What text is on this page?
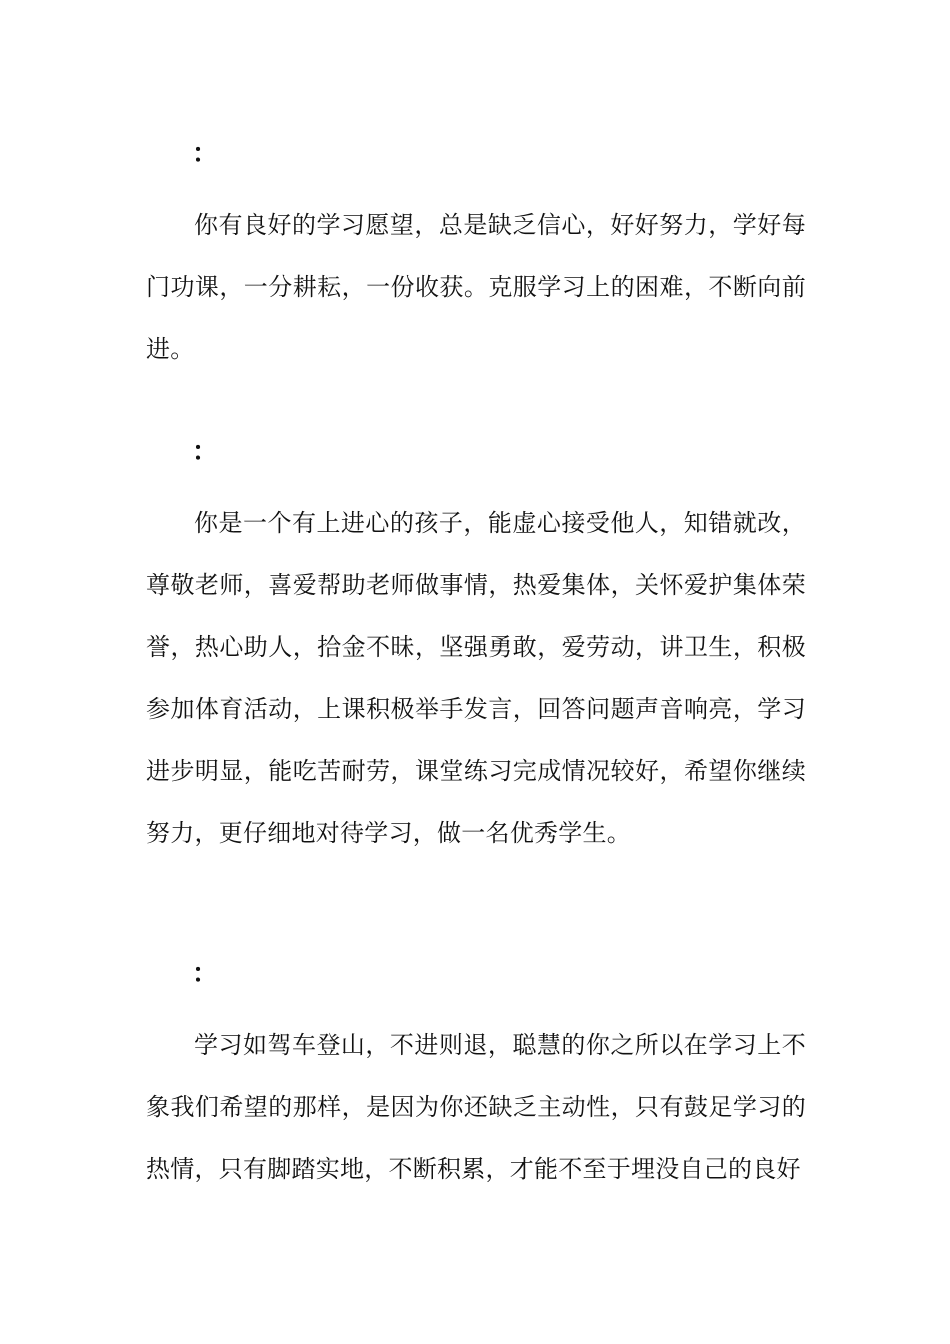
：

你有良好的学习愿望，总是缺乏信心，好好努力，学好每门功课，一分耕耘，一份收获。克服学习上的困难，不断向前进。

：

你是一个有上进心的孩子，能虚心接受他人，知错就改，尊敬老师，喜爱帮助老师做事情，热爱集体，关怀爱护集体荣誉，热心助人，拾金不昧，坚强勇敢，爱劳动，讲卫生，积极参加体育活动，上课积极举手发言，回答问题声音响亮，学习进步明显，能吃苦耐劳，课堂练习完成情况较好，希望你继续努力，更仔细地对待学习，做一名优秀学生。

：

学习如驾车登山，不进则退，聪慧的你之所以在学习上不象我们希望的那样，是因为你还缺乏主动性，只有鼓足学习的热情，只有脚踏实地，不断积累，才能不至于埋没自己的良好
